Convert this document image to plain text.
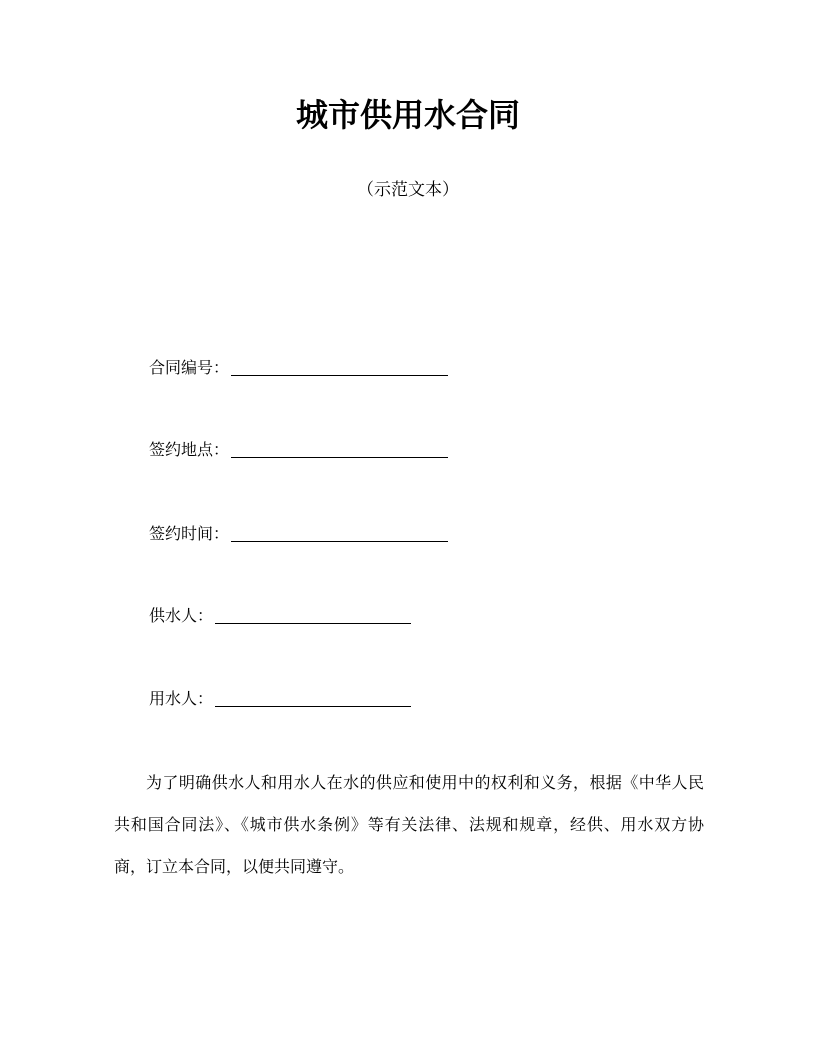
城市供用水合同
（示范文本）
合同编号：
签约地点：
签约时间：
供水人：
用水人：
为了明确供水人和用水人在水的供应和使用中的权利和义务，根据《中华人民共和国合同法》、《城市供水条例》等有关法律、法规和规章，经供、用水双方协商，订立本合同，以便共同遵守。
